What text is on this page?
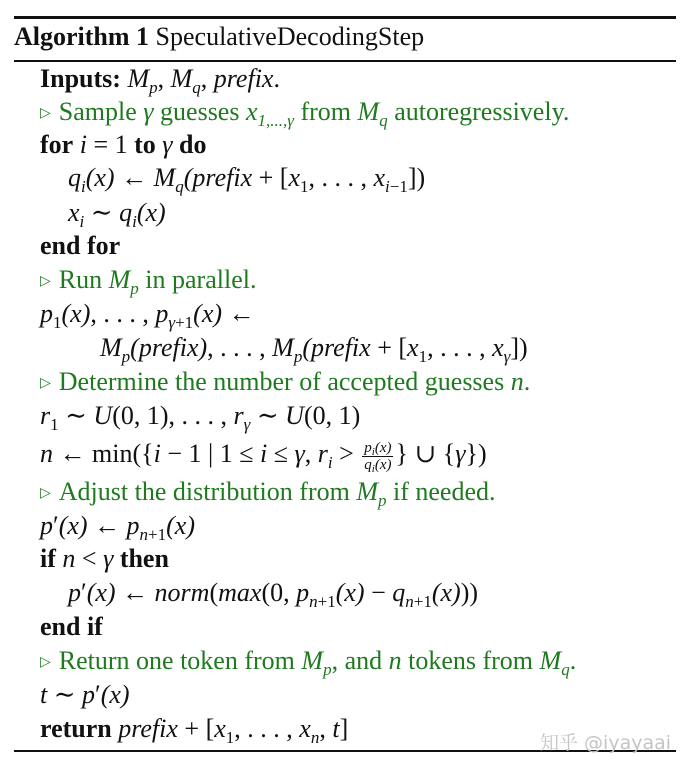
Algorithm 1 SpeculativeDecodingStep
Inputs: $M_p$, $M_q$, prefix.
▷ Sample γ guesses $x_{1,...,\gamma}$ from $M_q$ autoregressively.
for i = 1 to γ do
$q_i(x)$ ← $M_q(prefix + [x_1$, . . . , $x_{i-1}$])
$x_i$ ∼ $q_i(x)$
end for
▷ Run $M_p$ in parallel.
$p_1(x)$, . . . , $p_{\gamma+1}(x)$ ←
$M_p(prefix)$, . . . , $M_p(prefix + [x_1$, . . . , $x_\gamma$])
▷ Determine the number of accepted guesses n.
$r_1$ ∼ U(0, 1), . . . , $r_\gamma$ ∼ U(0, 1)
n ← min({i − 1 | 1 ≤ i ≤ γ, $r_i > \frac{p_i(x)}{q_i(x)}$ } ∪ {γ})
▷ Adjust the distribution from $M_p$ if needed.
p′(x) ← $p_{n+1}(x)$
if n < γ then
p′(x) ← norm(max(0, $p_{n+1}(x) - q_{n+1}(x)$))
end if
▷ Return one token from $M_p$, and n tokens from $M_q$.
t ∼ p′(x)
return prefix + [$x_1$, . . . , $x_n$, t]	知乎 @iyayaai
